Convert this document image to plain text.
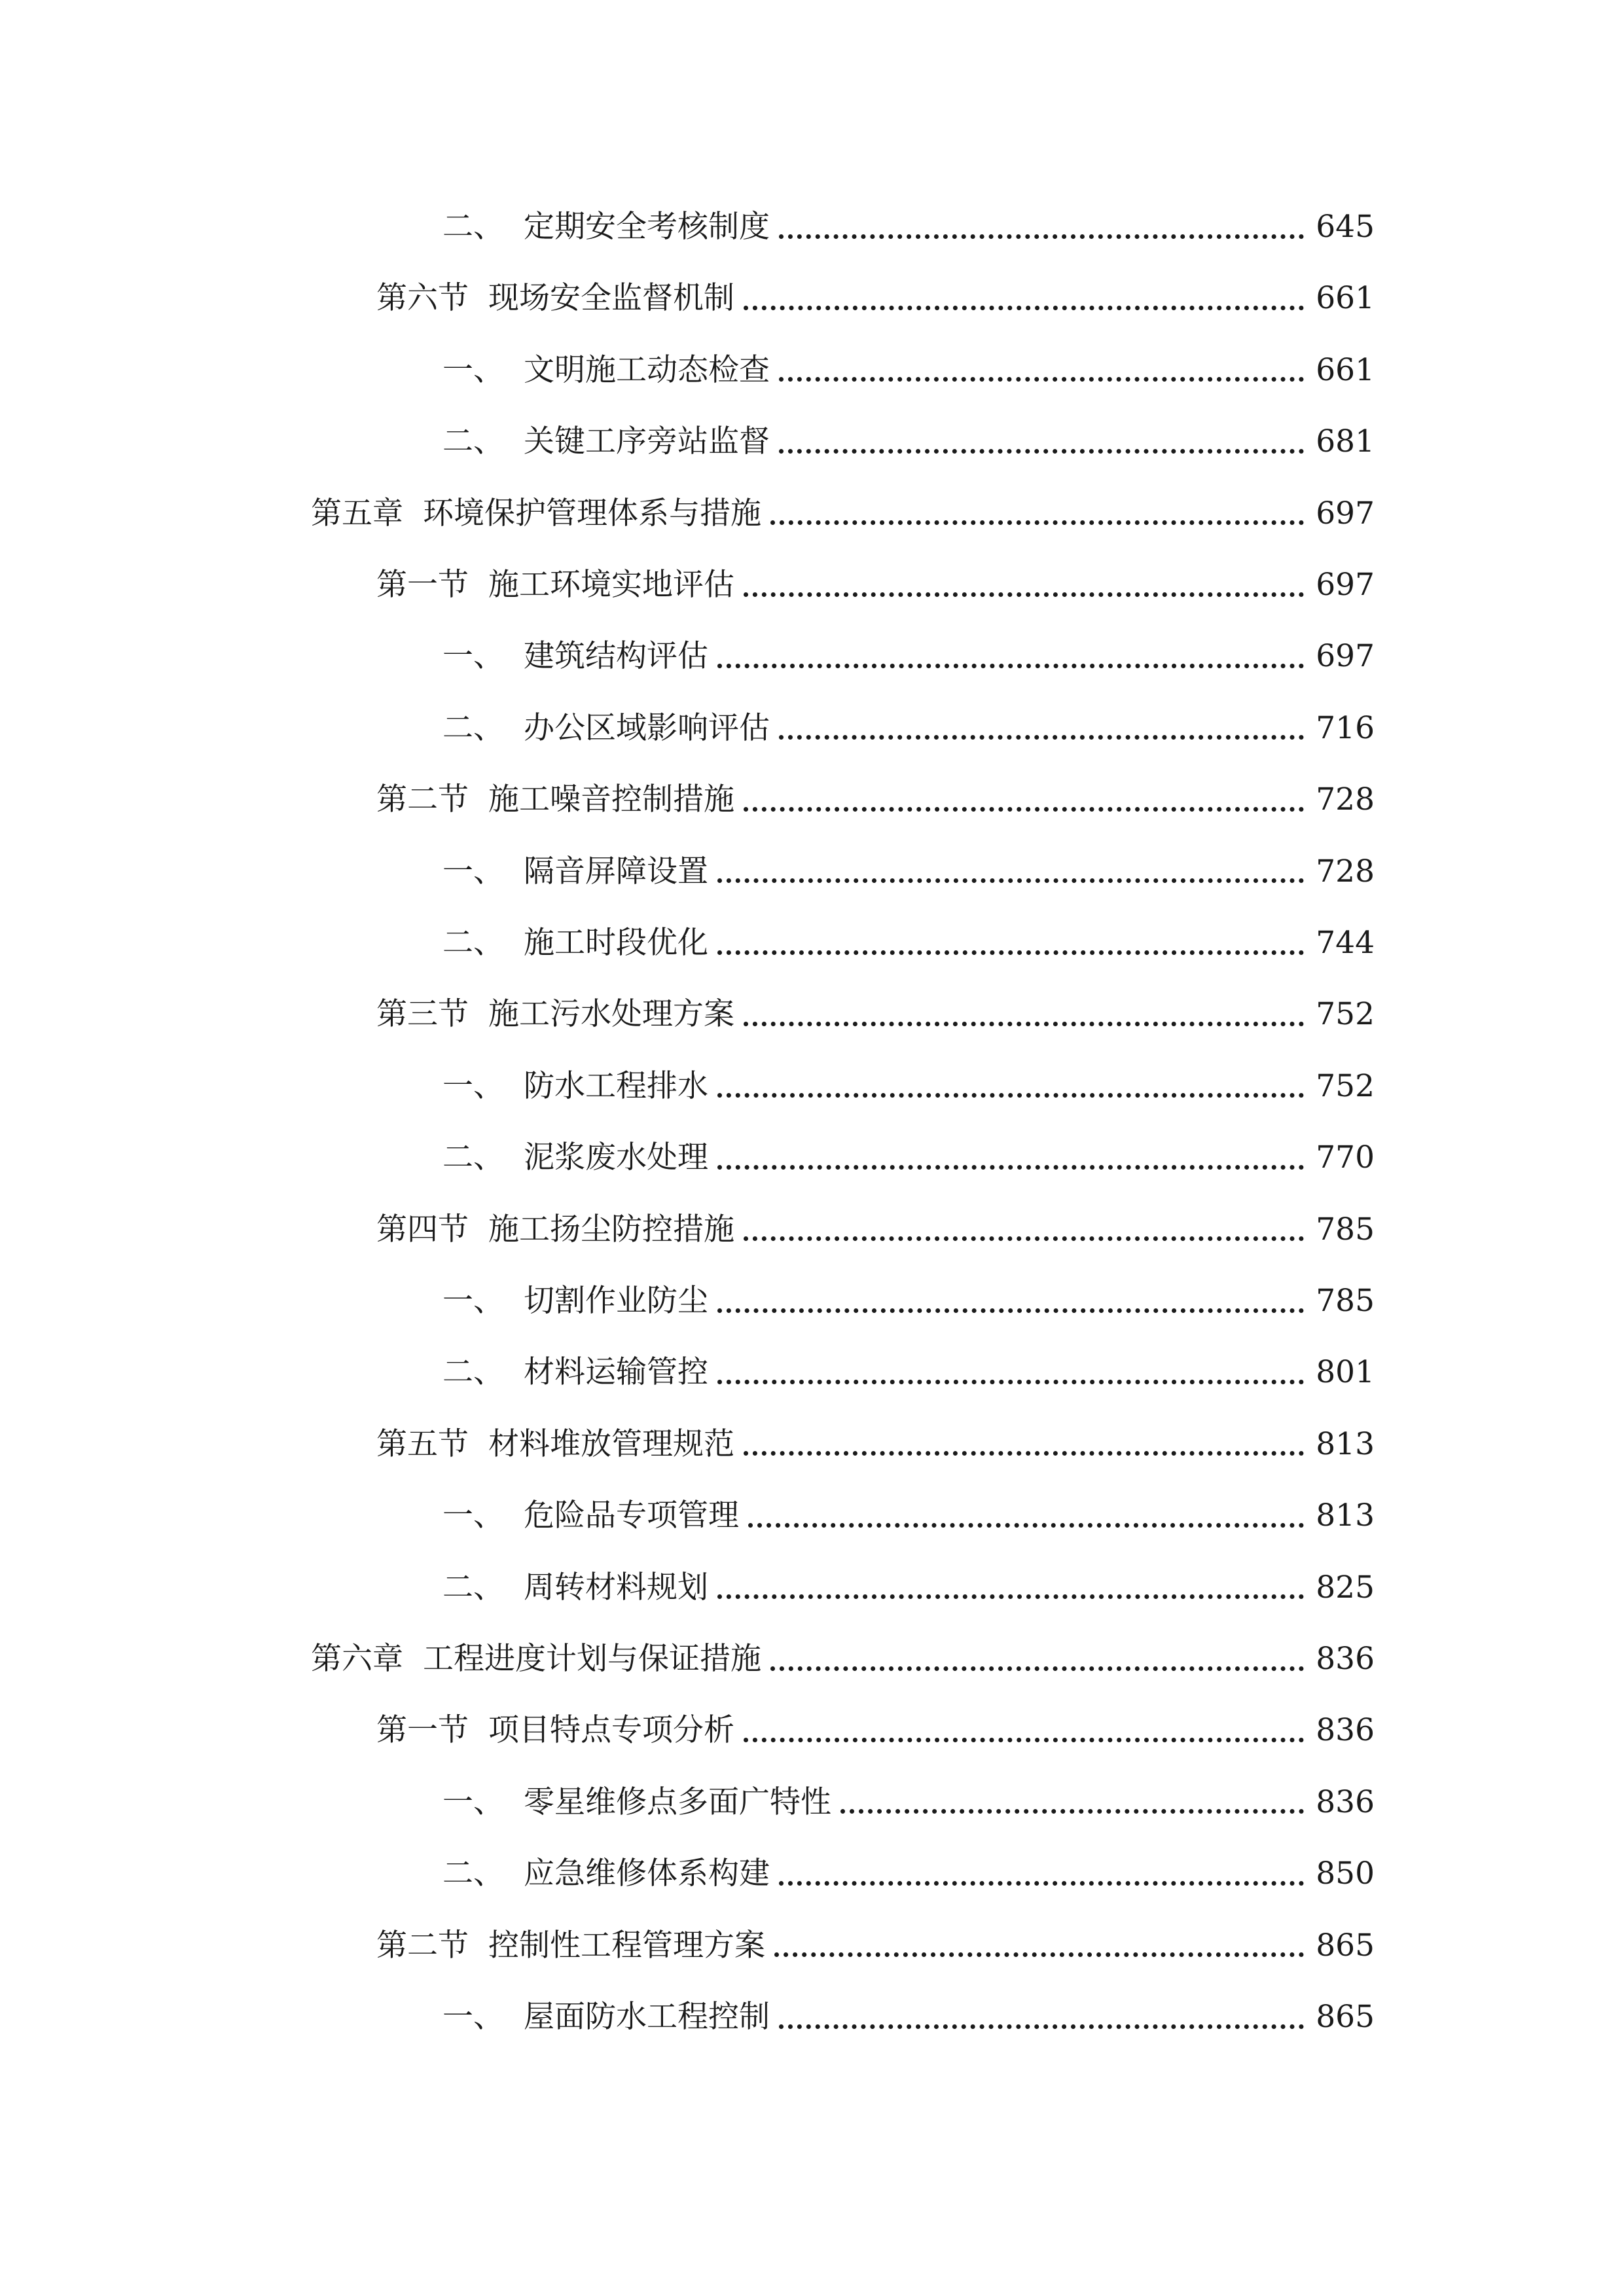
二、 定期安全考核制度	645
第六节 现场安全监督机制	661
一、 文明施工动态检查	661
二、 关键工序旁站监督	681
第五章 环境保护管理体系与措施	697
第一节 施工环境实地评估	697
一、 建筑结构评估	697
二、 办公区域影响评估	716
第二节 施工噪音控制措施	728
一、 隔音屏障设置	728
二、 施工时段优化	744
第三节 施工污水处理方案	752
一、 防水工程排水	752
二、 泥浆废水处理	770
第四节 施工扬尘防控措施	785
一、 切割作业防尘	785
二、 材料运输管控	801
第五节 材料堆放管理规范	813
一、 危险品专项管理	813
二、 周转材料规划	825
第六章 工程进度计划与保证措施	836
第一节 项目特点专项分析	836
一、 零星维修点多面广特性	836
二、 应急维修体系构建	850
第二节 控制性工程管理方案	865
一、 屋面防水工程控制	865
